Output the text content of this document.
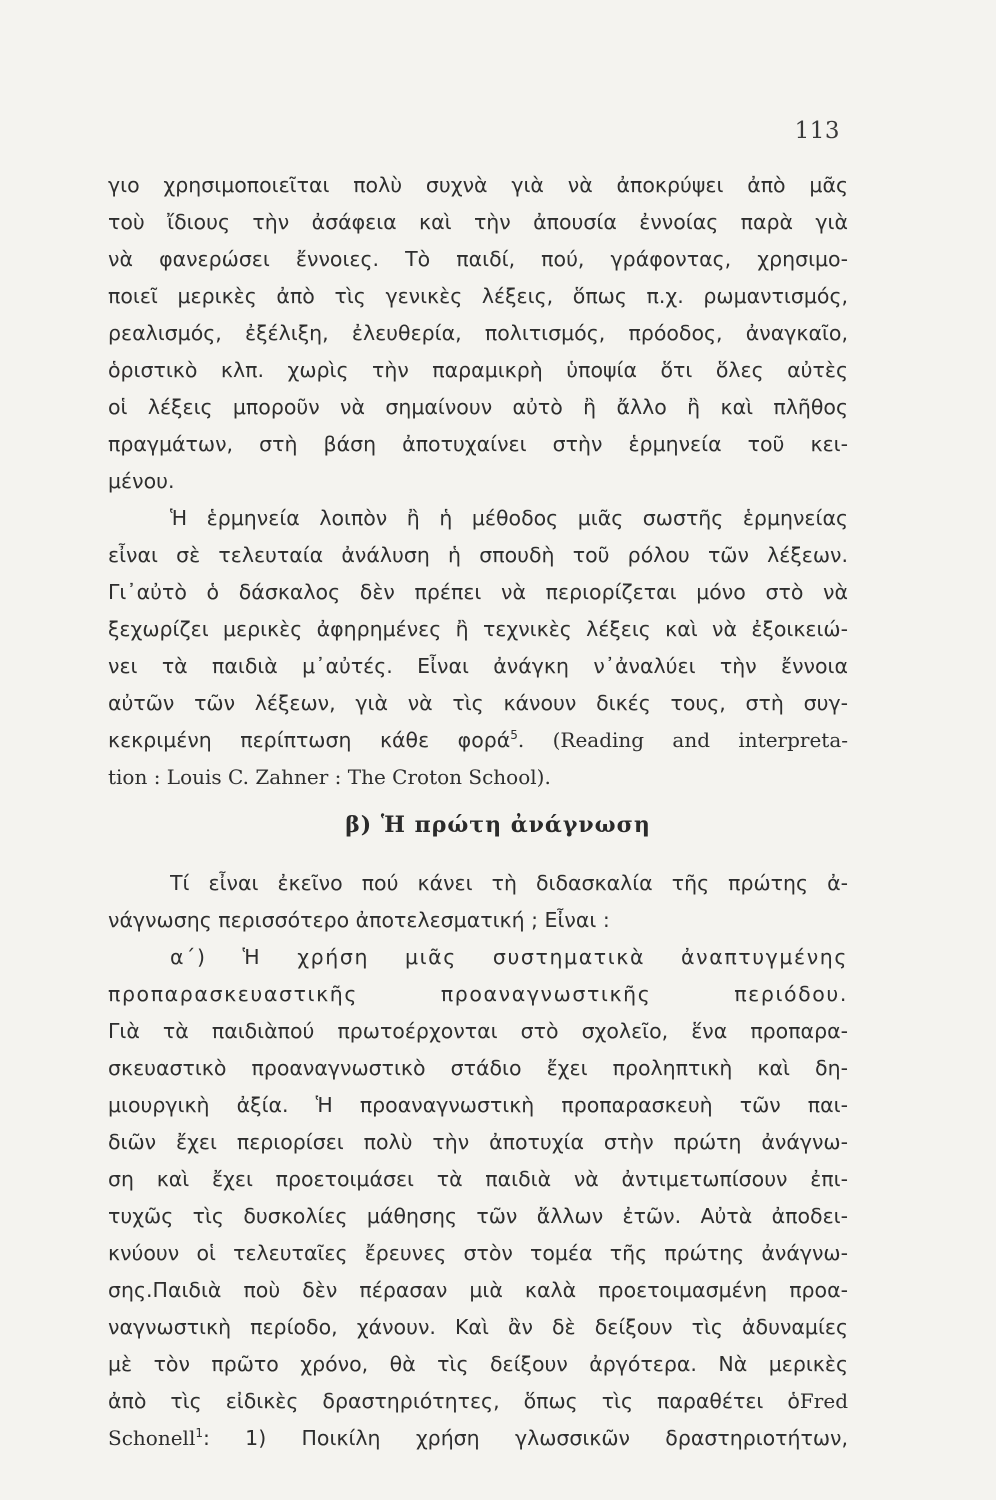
113
γιο χρησιμοποιεῖται πολὺ συχνὰ γιὰ νὰ ἀποκρύψει ἀπὸ μᾶς
τοὺ ἴδιους τὴν ἀσάφεια καὶ τὴν ἀπουσία ἐννοίας παρὰ γιὰ
νὰ φανερώσει ἔννοιες. Τὸ παιδί, πού, γράφοντας, χρησιμο-
ποιεῖ μερικὲς ἀπὸ τὶς γενικὲς λέξεις, ὅπως π.χ. ρωμαντισμός,
ρεαλισμός, ἐξέλιξη, ἐλευθερία, πολιτισμός, πρόοδος, ἀναγκαῖο,
ὁριστικὸ κλπ. χωρὶς τὴν παραμικρὴ ὑποψία ὅτι ὅλες αὐτὲς
οἱ λέξεις μποροῦν νὰ σημαίνουν αὐτὸ ἢ ἄλλο ἢ καὶ πλῆθος
πραγμάτων, στὴ βάση ἀποτυχαίνει στὴν ἑρμηνεία τοῦ κει-
μένου.
Ἡ ἑρμηνεία λοιπὸν ἢ ἡ μέθοδος μιᾶς σωστῆς ἑρμηνείας
εἶναι σὲ τελευταία ἀνάλυση ἡ σπουδὴ τοῦ ρόλου τῶν λέξεων.
Γι᾽αὐτὸ ὁ δάσκαλος δὲν πρέπει νὰ περιορίζεται μόνο στὸ νὰ
ξεχωρίζει μερικὲς ἀφηρημένες ἢ τεχνικὲς λέξεις καὶ νὰ ἐξοικειώ-
νει τὰ παιδιὰ μ᾽αὐτές. Εἶναι ἀνάγκη ν᾽ἀναλύει τὴν ἔννοια
αὐτῶν τῶν λέξεων, γιὰ νὰ τὶς κάνουν δικές τους, στὴ συγ-
κεκριμένη περίπτωση κάθε φορά$^5$. (Reading and interpreta-
tion : Louis C. Zahner : The Croton School).
β) Ἡ πρώτη ἀνάγνωση
Τί εἶναι ἐκεῖνο πού κάνει τὴ διδασκαλία τῆς πρώτης ἀ-
νάγνωσης περισσότερο ἀποτελεσματική ; Εἶναι :
α΄) Ἡ χρήση μιᾶς συστηματικὰ ἀναπτυγμένης
προπαρασκευαστικῆς προαναγνωστικῆς περιόδου.
Γιὰ τὰ παιδιὰπού πρωτοέρχονται στὸ σχολεῖο, ἕνα προπαρα-
σκευαστικὸ προαναγνωστικὸ στάδιο ἔχει προληπτικὴ καὶ δη-
μιουργικὴ ἀξία. Ἡ προαναγνωστικὴ προπαρασκευὴ τῶν παι-
διῶν ἔχει περιορίσει πολὺ τὴν ἀποτυχία στὴν πρώτη ἀνάγνω-
ση καὶ ἔχει προετοιμάσει τὰ παιδιὰ νὰ ἀντιμετωπίσουν ἐπι-
τυχῶς τὶς δυσκολίες μάθησης τῶν ἄλλων ἐτῶν. Αὐτὰ ἀποδει-
κνύουν οἱ τελευταῖες ἔρευνες στὸν τομέα τῆς πρώτης ἀνάγνω-
σης.Παιδιὰ ποὺ δὲν πέρασαν μιὰ καλὰ προετοιμασμένη προα-
ναγνωστικὴ περίοδο, χάνουν. Καὶ ἂν δὲ δείξουν τὶς ἀδυναμίες
μὲ τὸν πρῶτο χρόνο, θὰ τὶς δείξουν ἀργότερα. Νὰ μερικὲς
ἀπὸ τὶς εἰδικὲς δραστηριότητες, ὅπως τὶς παραθέτει ὁFred
Schonell$^1$: 1) Ποικίλη χρήση γλωσσικῶν δραστηριοτήτων,
